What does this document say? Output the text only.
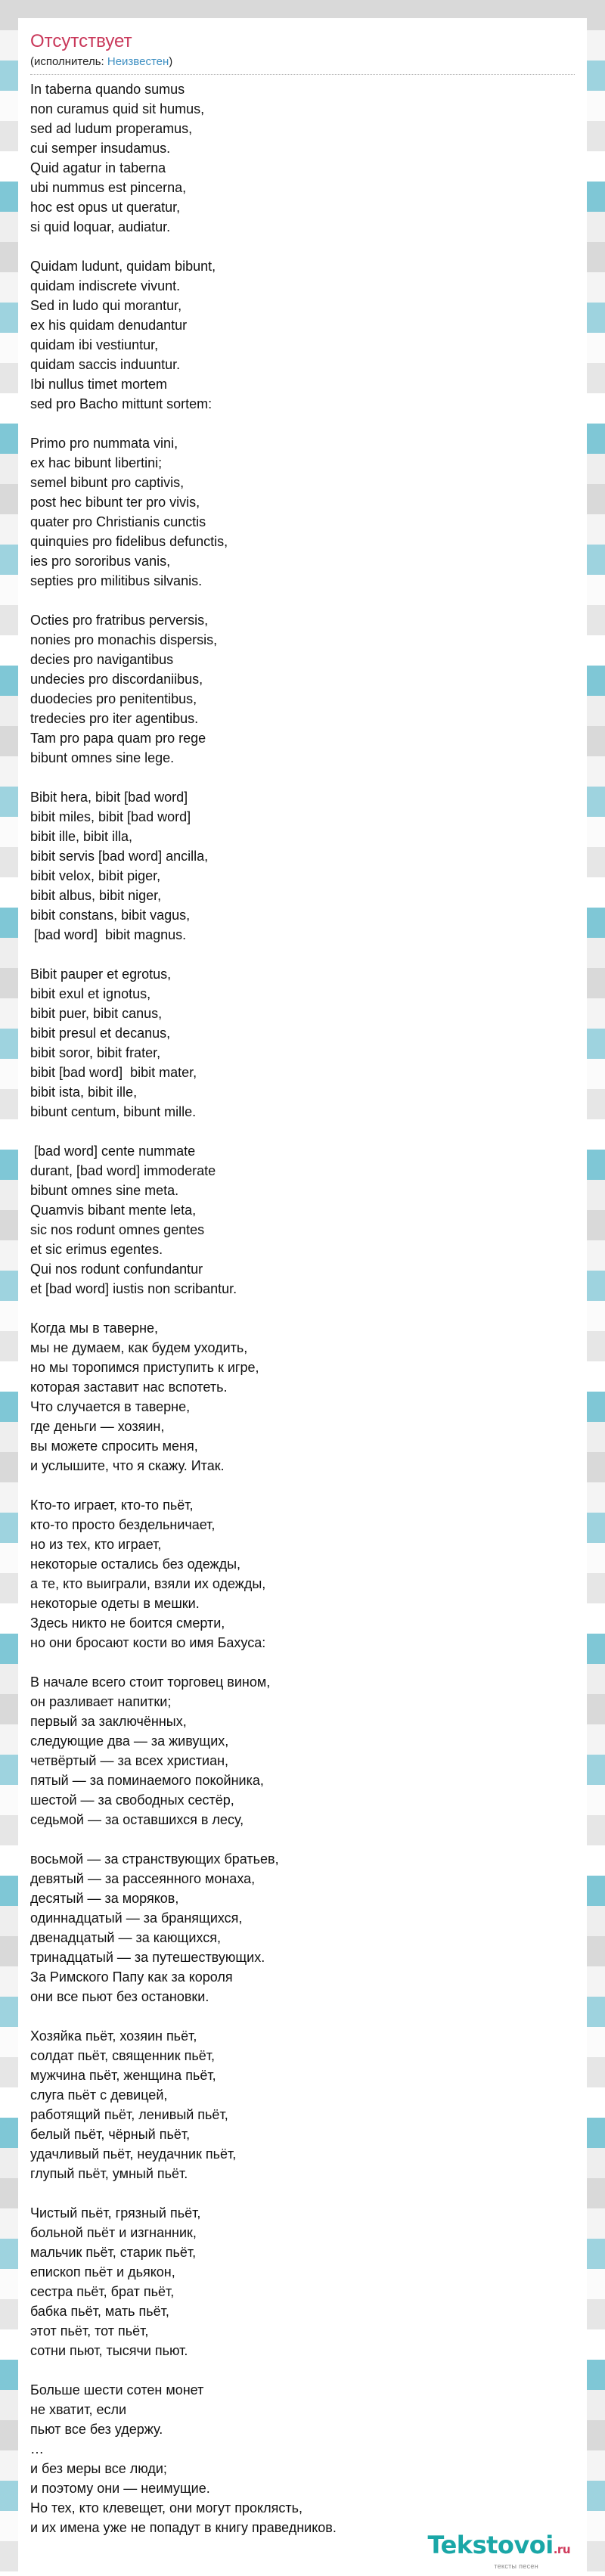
Отсутствует
(исполнитель: Неизвестен)
In taberna quando sumus
non curamus quid sit humus,
sed ad ludum properamus,
cui semper insudamus.
Quid agatur in taberna
ubi nummus est pincerna,
hoc est opus ut queratur,
si quid loquar, audiatur.
Quidam ludunt, quidam bibunt,
quidam indiscrete vivunt.
Sed in ludo qui morantur,
ex his quidam denudantur
quidam ibi vestiuntur,
quidam saccis induuntur.
Ibi nullus timet mortem
sed pro Bacho mittunt sortem:
Primo pro nummata vini,
ex hac bibunt libertini;
semel bibunt pro captivis,
post hec bibunt ter pro vivis,
quater pro Christianis cunctis
quinquies pro fidelibus defunctis,
ies pro sororibus vanis,
septies pro militibus silvanis.
Octies pro fratribus perversis,
nonies pro monachis dispersis,
decies pro navigantibus
undecies pro discordaniibus,
duodecies pro penitentibus,
tredecies pro iter agentibus.
Tam pro papa quam pro rege
bibunt omnes sine lege.
Bibit hera, bibit [bad word]
bibit miles, bibit [bad word]
bibit ille, bibit illa,
bibit servis [bad word] ancilla,
bibit velox, bibit piger,
bibit albus, bibit niger,
bibit constans, bibit vagus,
[bad word]  bibit magnus.
Bibit pauper et egrotus,
bibit exul et ignotus,
bibit puer, bibit canus,
bibit presul et decanus,
bibit soror, bibit frater,
bibit [bad word]  bibit mater,
bibit ista, bibit ille,
bibunt centum, bibunt mille.
[bad word] cente nummate
durant, [bad word] immoderate
bibunt omnes sine meta.
Quamvis bibant mente leta,
sic nos rodunt omnes gentes
et sic erimus egentes.
Qui nos rodunt confundantur
et [bad word] iustis non scribantur.
Когда мы в таверне,
мы не думаем, как будем уходить,
но мы торопимся приступить к игре,
которая заставит нас вспотеть.
Что случается в таверне,
где деньги — хозяин,
вы можете спросить меня,
и услышите, что я скажу. Итак.
Кто-то играет, кто-то пьёт,
кто-то просто бездельничает,
но из тех, кто играет,
некоторые остались без одежды,
а те, кто выиграли, взяли их одежды,
некоторые одеты в мешки.
Здесь никто не боится смерти,
но они бросают кости во имя Бахуса:
В начале всего стоит торговец вином,
он разливает напитки;
первый за заключённых,
следующие два — за живущих,
четвёртый — за всех христиан,
пятый — за поминаемого покойника,
шестой — за свободных сестёр,
седьмой — за оставшихся в лесу,
восьмой — за странствующих братьев,
девятый — за рассеянного монаха,
десятый — за моряков,
одиннадцатый — за бранящихся,
двенадцатый — за кающихся,
тринадцатый — за путешествующих.
За Римского Папу как за короля
они все пьют без остановки.
Хозяйка пьёт, хозяин пьёт,
солдат пьёт, священник пьёт,
мужчина пьёт, женщина пьёт,
слуга пьёт с девицей,
работящий пьёт, ленивый пьёт,
белый пьёт, чёрный пьёт,
удачливый пьёт, неудачник пьёт,
глупый пьёт, умный пьёт.
Чистый пьёт, грязный пьёт,
больной пьёт и изгнанник,
мальчик пьёт, старик пьёт,
епископ пьёт и дьякон,
сестра пьёт, брат пьёт,
бабка пьёт, мать пьёт,
этот пьёт, тот пьёт,
сотни пьют, тысячи пьют.
Больше шести сотен монет
не хватит, если
пьют все без удержу.
…
и без меры все люди;
и поэтому они — неимущие.
Но тех, кто клевещет, они могут проклясть,
и их имена уже не попадут в книгу праведников.
Tekstovoi.ru
тексты песен
